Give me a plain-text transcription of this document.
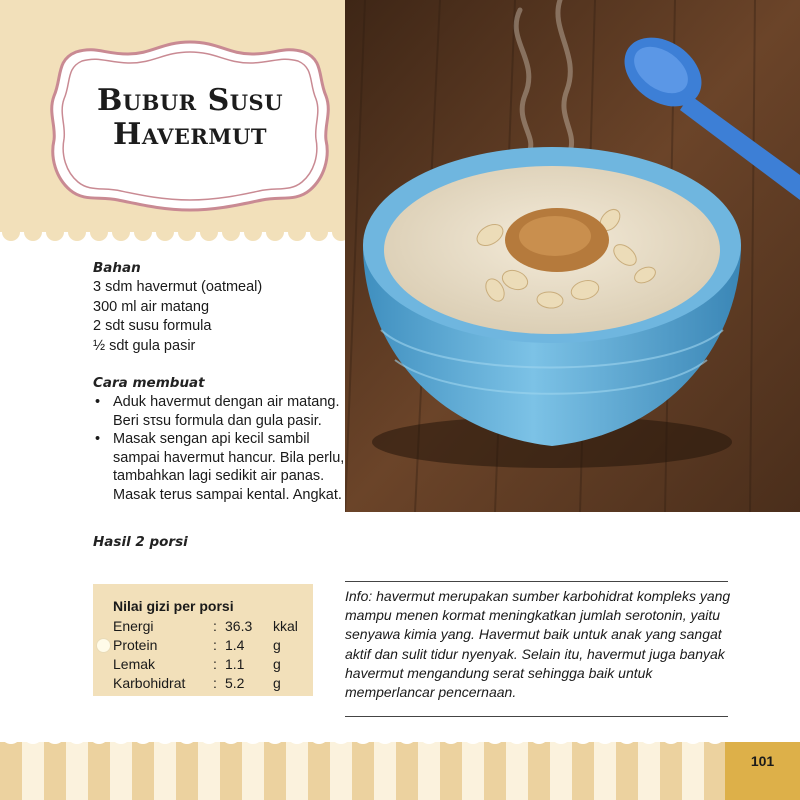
Bubur Susu Havermut
Bahan
3 sdm havermut (oatmeal)
300 ml air matang
2 sdt susu formula
½ sdt gula pasir
Cara membuat
• Aduk havermut dengan air matang. Beri sτsu formula dan gula pasir.
• Masak sengan api kecil sambil sampai havermut hancur. Bila perlu, tambahkan lagi sedikit air panas. Masak terus sampai kental. Angkat.
Hasil 2 porsi

Nilai gizi per porsi

Energi	: 36.3 kkal
Protein	: 1.4 g
Lemak	: 1.1 g
Karbohidrat : 5.2 g

Info: havermut merupakan sumber karbohidrat kompleks yang mampu menen kormat meningkatkan jumlah serotonin, yaitu senyawa kimia yang. Havermut baik untuk anak yang sangat aktif dan sulit tidur nyenyak. Selain itu, havermut juga banyak havermut mengandung serat sehingga baik untuk memperlancar pencernaan.

101
